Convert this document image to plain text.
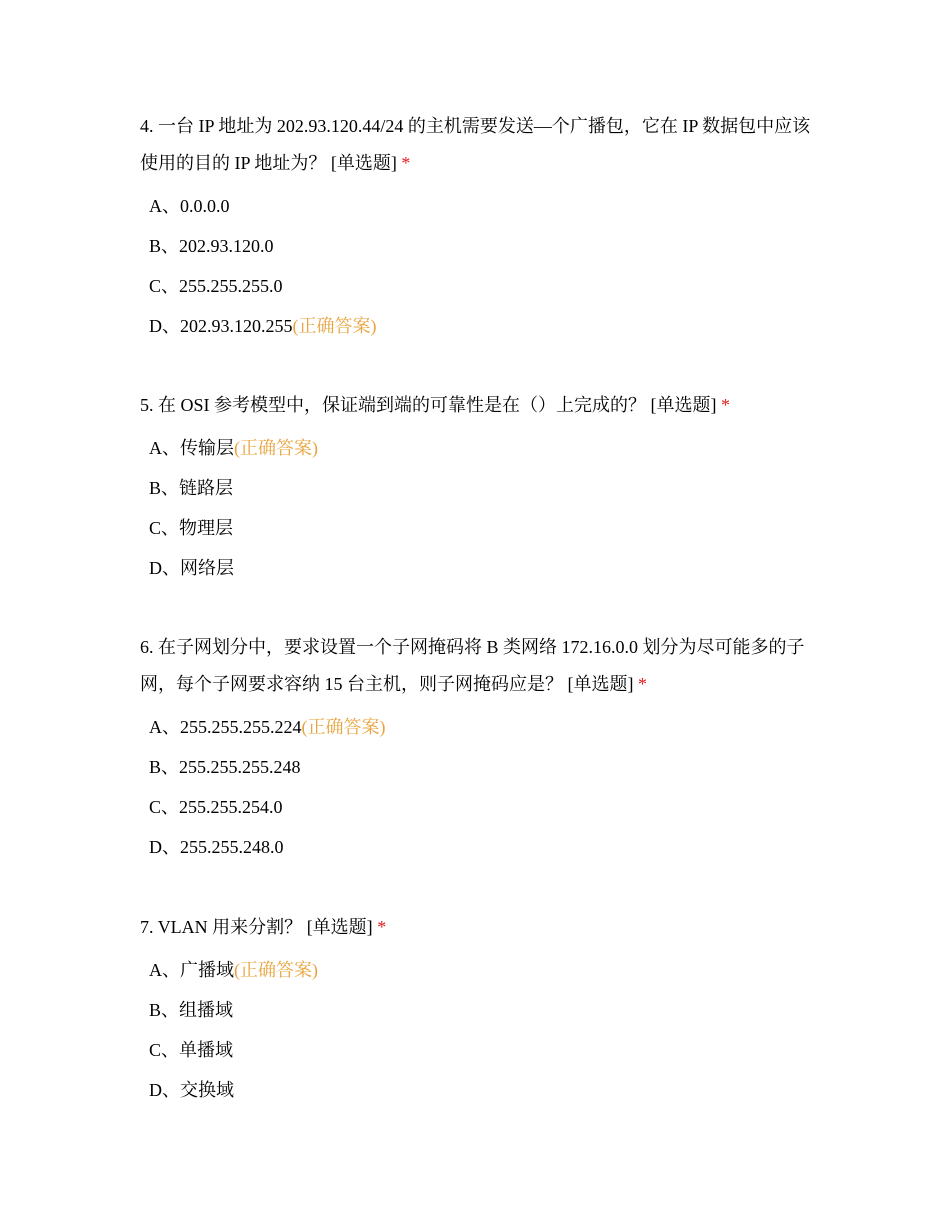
4. 一台 IP 地址为 202.93.120.44/24 的主机需要发送—个广播包，它在 IP 数据包中应该使用的目的 IP 地址为？ [单选题] *

A、0.0.0.0
B、202.93.120.0
C、255.255.255.0
D、202.93.120.255(正确答案)

5. 在 OSI 参考模型中，保证端到端的可靠性是在（）上完成的？ [单选题] *

A、传输层(正确答案)
B、链路层
C、物理层
D、网络层

6. 在子网划分中，要求设置一个子网掩码将 B 类网络 172.16.0.0 划分为尽可能多的子网，每个子网要求容纳 15 台主机，则子网掩码应是？ [单选题] *

A、255.255.255.224(正确答案)
B、255.255.255.248
C、255.255.254.0
D、255.255.248.0

7. VLAN 用来分割？ [单选题] *

A、广播域(正确答案)
B、组播域
C、单播域
D、交换域
